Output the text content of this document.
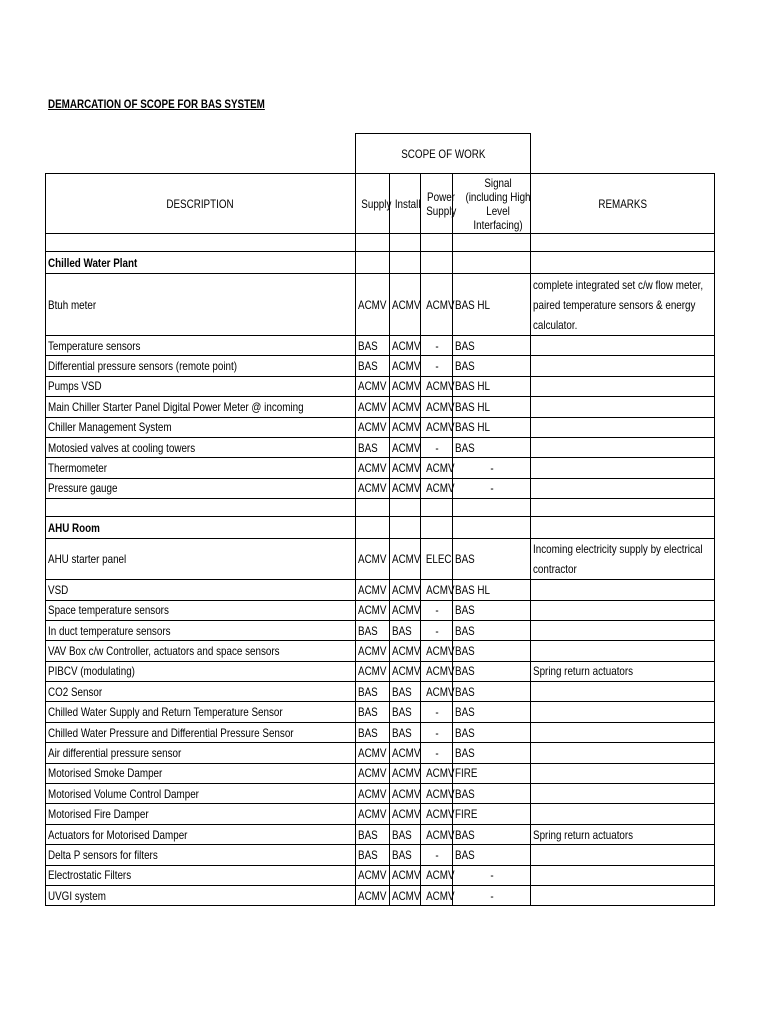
DEMARCATION OF SCOPE FOR BAS SYSTEM
	SCOPE OF WORK				
DESCRIPTION	Supply	Install	Power Supply	Signal (including High Level Interfacing)	REMARKS

Chilled Water Plant					
Btuh meter	ACMV	ACMV	ACMV	BAS HL	complete integrated set c/w flow meter, paired temperature sensors & energy calculator.
Temperature sensors	BAS	ACMV	-	BAS	
Differential pressure sensors (remote point)	BAS	ACMV	-	BAS	
Pumps VSD	ACMV	ACMV	ACMV	BAS HL	
Main Chiller Starter Panel Digital Power Meter @ incoming	ACMV	ACMV	ACMV	BAS HL	
Chiller Management System	ACMV	ACMV	ACMV	BAS HL	
Motosied valves at cooling towers	BAS	ACMV	-	BAS	
Thermometer	ACMV	ACMV	ACMV	-	
Pressure gauge	ACMV	ACMV	ACMV	-	

AHU Room					
AHU starter panel	ACMV	ACMV	ELEC	BAS	Incoming electricity supply by electrical contractor
VSD	ACMV	ACMV	ACMV	BAS HL	
Space temperature sensors	ACMV	ACMV	-	BAS	
In duct temperature sensors	BAS	BAS	-	BAS	
VAV Box c/w Controller, actuators and space sensors	ACMV	ACMV	ACMV	BAS	
PIBCV (modulating)	ACMV	ACMV	ACMV	BAS	Spring return actuators
CO2 Sensor	BAS	BAS	ACMV	BAS	
Chilled Water Supply and Return Temperature Sensor	BAS	BAS	-	BAS	
Chilled Water Pressure and Differential Pressure Sensor	BAS	BAS	-	BAS	
Air differential pressure sensor	ACMV	ACMV	-	BAS	
Motorised Smoke Damper	ACMV	ACMV	ACMV	FIRE	
Motorised Volume Control Damper	ACMV	ACMV	ACMV	BAS	
Motorised Fire Damper	ACMV	ACMV	ACMV	FIRE	
Actuators for Motorised Damper	BAS	BAS	ACMV	BAS	Spring return actuators
Delta P sensors for filters	BAS	BAS	-	BAS	
Electrostatic Filters	ACMV	ACMV	ACMV	-	
UVGI system	ACMV	ACMV	ACMV	-	
